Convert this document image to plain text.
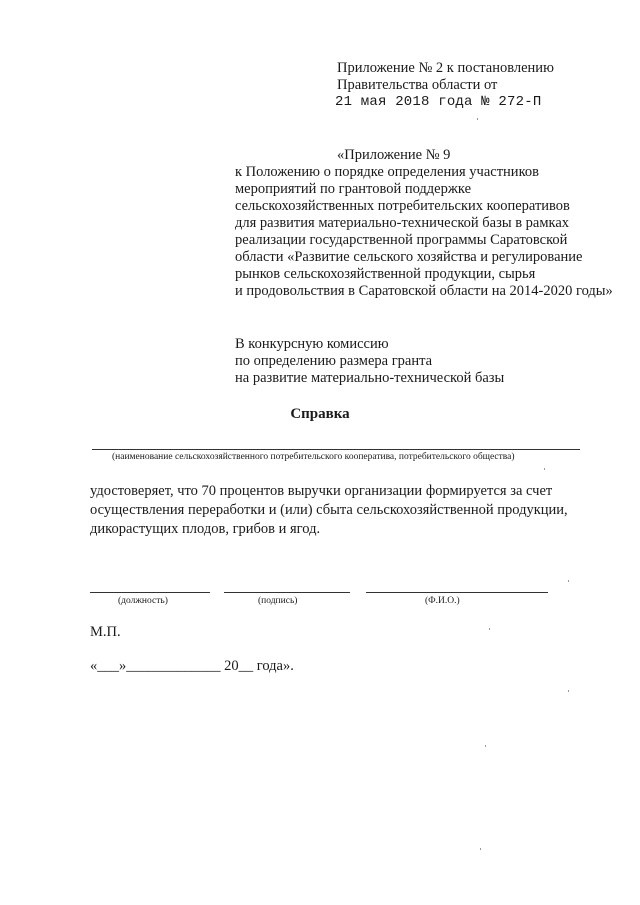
Приложение № 2 к постановлению
Правительства области от
21 мая 2018 года № 272-П
«Приложение № 9
к Положению о порядке определения участников
мероприятий по грантовой поддержке
сельскохозяйственных потребительских кооперативов
для развития материально-технической базы в рамках
реализации государственной программы Саратовской
области «Развитие сельского хозяйства и регулирование
рынков сельскохозяйственной продукции, сырья
и продовольствия в Саратовской области на 2014-2020 годы»
В конкурсную комиссию
по определению размера гранта
на развитие материально-технической базы
Справка
(наименование сельскохозяйственного потребительского кооператива, потребительского общества)
удостоверяет, что 70 процентов выручки организации формируется за счет
осуществления переработки и (или) сбыта сельскохозяйственной продукции,
дикорастущих плодов, грибов и ягод.
(должность)	(подпись)	(Ф.И.О.)
М.П.
«___»_____________ 20__ года».
